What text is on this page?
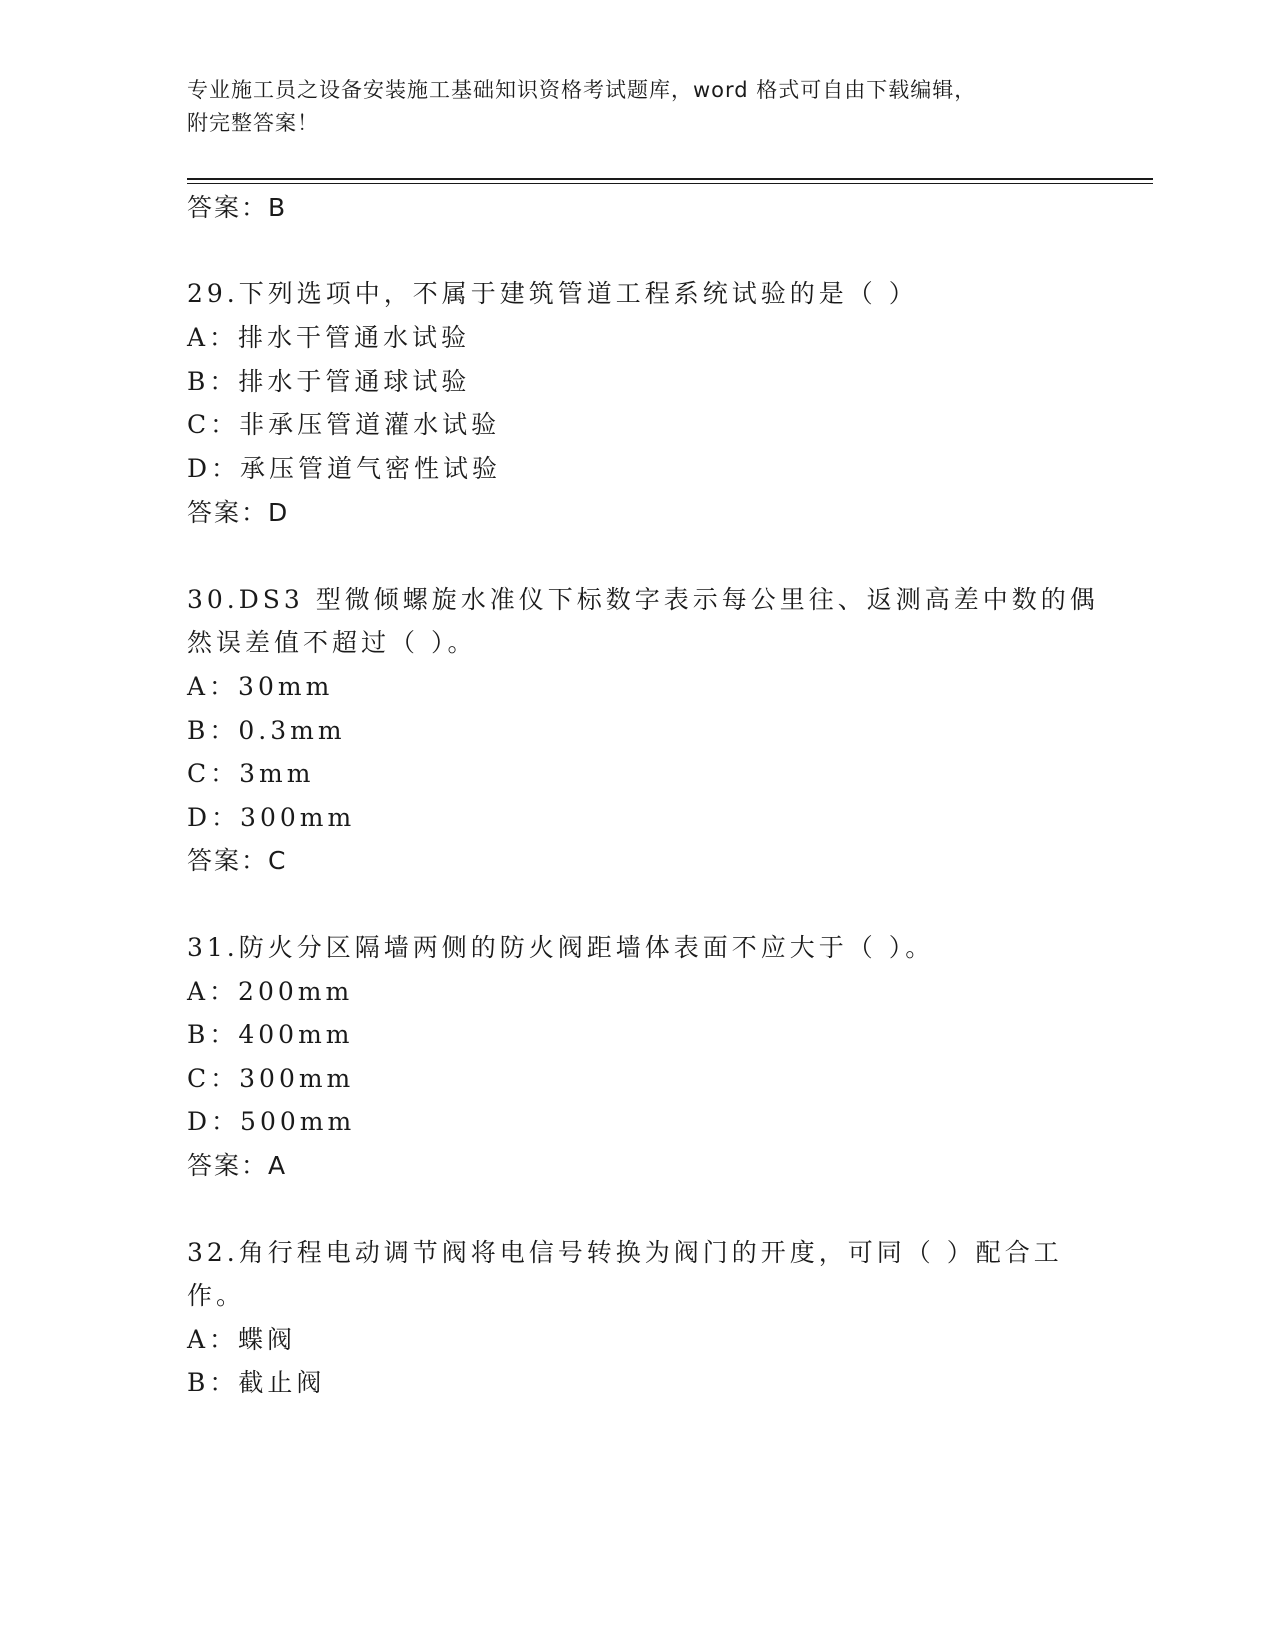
专业施工员之设备安装施工基础知识资格考试题库，word 格式可自由下载编辑，
附完整答案！
答案：B
29.下列选项中，不属于建筑管道工程系统试验的是（ ）
A：排水干管通水试验
B：排水于管通球试验
C：非承压管道灌水试验
D：承压管道气密性试验
答案：D
30.DS3 型微倾螺旋水准仪下标数字表示每公里往、返测高差中数的偶
然误差值不超过（ ）。
A：30mm
B：0.3mm
C：3mm
D：300mm
答案：C
31.防火分区隔墙两侧的防火阀距墙体表面不应大于（ ）。
A：200mm
B：400mm
C：300mm
D：500mm
答案：A
32.角行程电动调节阀将电信号转换为阀门的开度，可同（ ）配合工
作。
A：蝶阀
B：截止阀
